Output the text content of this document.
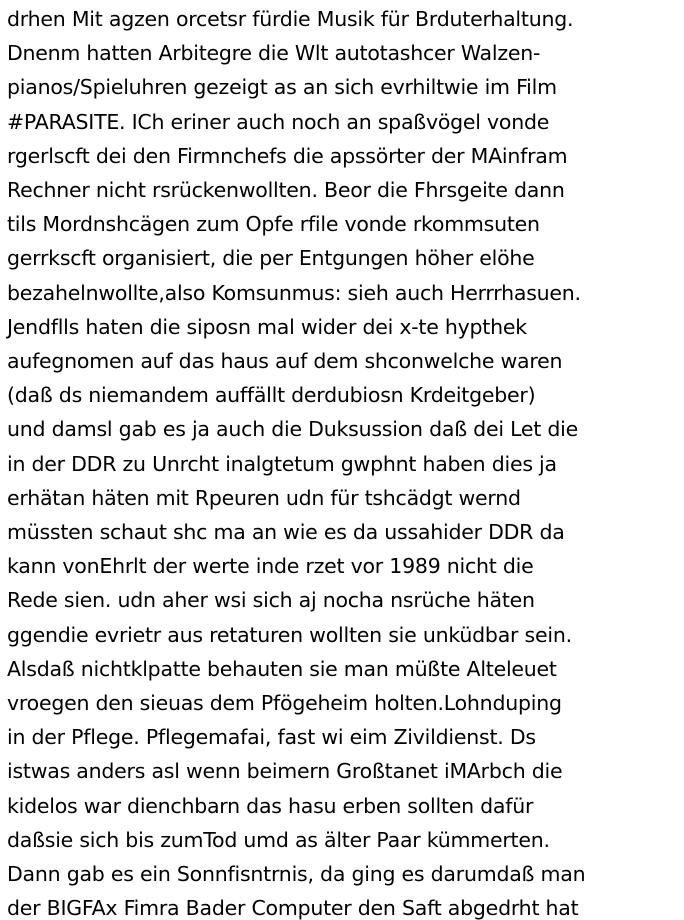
drhen Mit agzen orcetsr fürdie Musik für Brduterhaltung.
Dnenm hatten Arbitegre die Wlt autotashcer Walzen-
pianos/Spieluhren gezeigt as an sich evrhiltwie im Film
#PARASITE. ICh eriner auch noch an spaßvögel vonde
rgerlscft dei den Firmnchefs die apssörter der MAinfram
Rechner nicht rsrückenwollten. Beor die Fhrsgeite dann
tils Mordnshcägen zum Opfe rfile vonde rkommsuten
gerrkscft organisiert, die per Entgungen höher elöhe
bezahelnwollte,also Komsunmus: sieh auch Herrrhasuen.
Jendflls haten die siposn mal wider dei x-te hypthek
aufegnomen auf das haus auf dem shconwelche waren
(daß ds niemandem auffällt derdubiosn Krdeitgeber)
und damsl gab es ja auch die Duksussion daß dei Let die
in der DDR zu Unrcht inalgtetum gwphnt haben dies ja
erhätan häten mit Rpeuren udn für tshcädgt wernd
müssten schaut shc ma an wie es da ussahider DDR da
kann vonEhrlt der werte inde rzet vor 1989 nicht die
Rede sien. udn aher wsi sich aj nocha nsrüche häten
ggendie evrietr aus retaturen wollten sie unküdbar sein.
Alsdaß nichtklpatte behauten sie man müßte Alteleuet
vroegen den sieuas dem Pfögeheim holten.Lohnduping
in der Pflege. Pflegemafai, fast wi eim Zivildienst. Ds
istwas anders asl wenn beimern Großtanet iMArbch die
kidelos war dienchbarn das hasu erben sollten dafür
daßsie sich bis zumTod umd as älter Paar kümmerten.
Dann gab es ein Sonnfisntrnis, da ging es darumdaß man
der BIGFAx Fimra Bader Computer den Saft abgedrht hat
